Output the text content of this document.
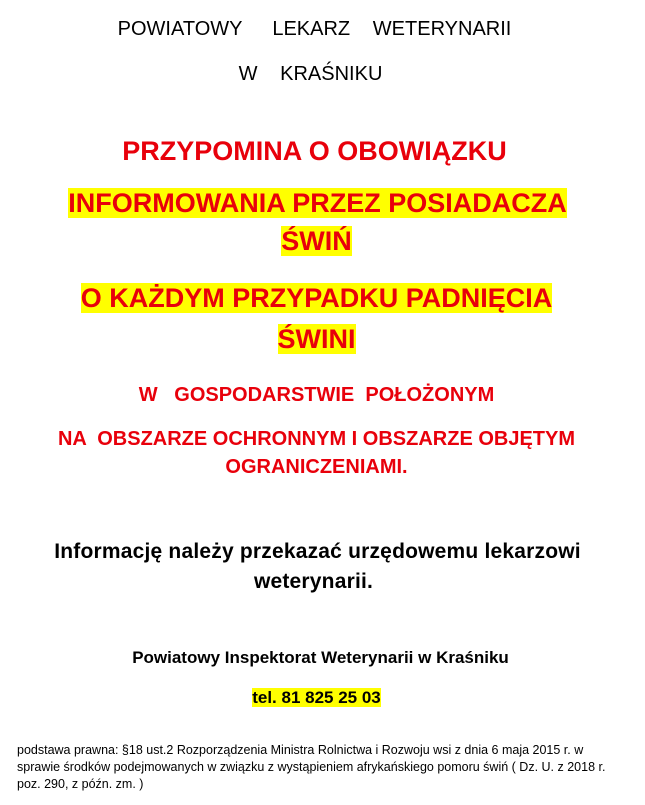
POWIATOWY    LEKARZ   WETERYNARII
W   KRAŚNIKU
PRZYPOMINA O OBOWIĄZKU
INFORMOWANIA PRZEZ POSIADACZA
ŚWIŃ
O KAŻDYM PRZYPADKU PADNIĘCIA
ŚWINI
W   GOSPODARSTWIE  POŁOŻONYM
NA  OBSZARZE OCHRONNYM I OBSZARZE OBJĘTYM
OGRANICZENIAMI.
Informację należy przekazać urzędowemu lekarzowi
weterynarii.
Powiatowy Inspektorat Weterynarii w Kraśniku
tel. 81 825 25 03
podstawa prawna: §18 ust.2 Rozporządzenia Ministra Rolnictwa i Rozwoju wsi z dnia 6 maja 2015 r. w sprawie środków podejmowanych w związku z wystąpieniem afrykańskiego pomoru świń ( Dz. U. z 2018 r. poz. 290, z późn. zm. )
